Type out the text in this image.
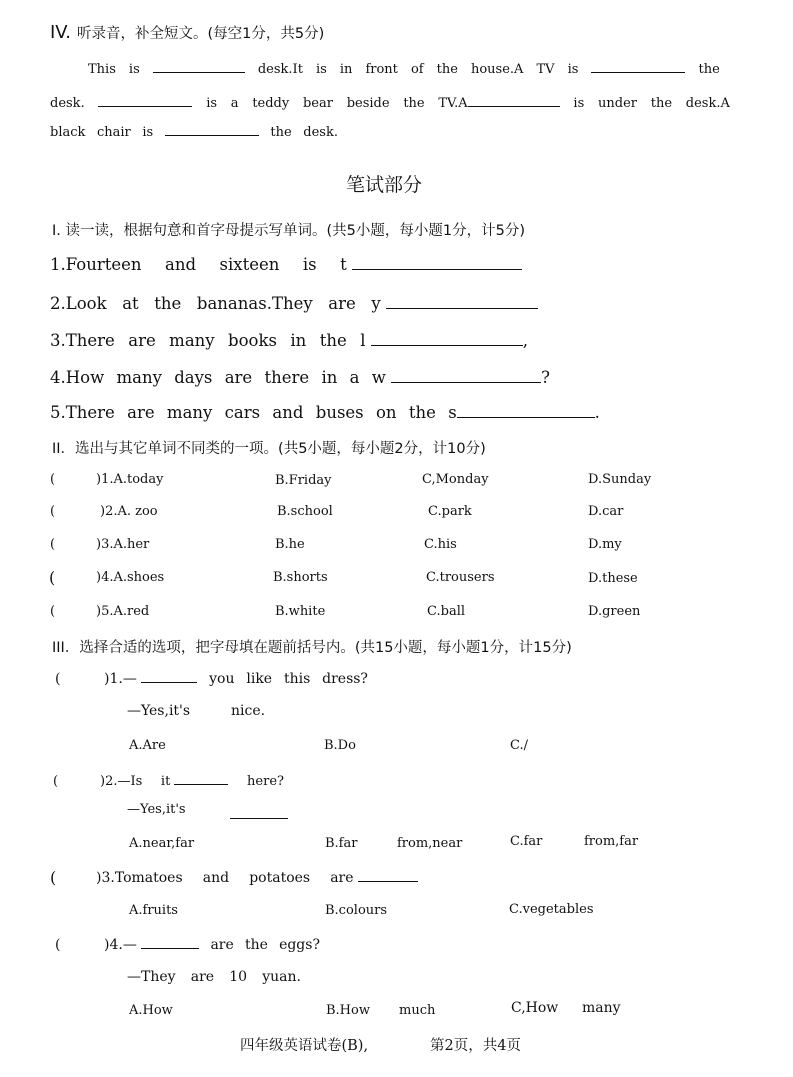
IV. 听录音，补全短文。(每空1分，共5分)
This is	desk.It is in front of the house.A TV is	the
desk.	is a teddy bear beside the TV.A	is under the desk.A
black chair is	the desk.
笔试部分
I. 读一读，根据句意和首字母提示写单词。(共5小题，每小题1分，计5分)
1.Fourteen and sixteen is t
2.Look at the bananas.They are y
3.There are many books in the l	,
4.How many days are there in a w	?
5.There are many cars and buses on the s	.
II．选出与其它单词不同类的一项。(共5小题，每小题2分，计10分)
(	)1.A.today	B.Friday	C,Monday	D.Sunday
(	)2.A. zoo	B.school	C.park	D.car
(	)3.A.her	B.he	C.his	D.my
(	)4.A.shoes	B.shorts	C.trousers	D.these
(	)5.A.red	B.white	C.ball	D.green
III．选择合适的选项，把字母填在题前括号内。(共15小题，每小题1分，计15分)
(	)1.—	you like this dress?
—Yes,it's	nice.
A.Are	B.Do	C./
(	)2.—Is it	here?
—Yes,it's
A.near,far	B.far	from,near	C.far	from,far
(	)3.Tomatoes and potatoes are
A.fruits	B.colours	C.vegetables
(	)4.—	are the eggs?
—They are 10 yuan.
A.How	B.How much	C,How many
四年级英语试卷(B),	第2页，共4页
